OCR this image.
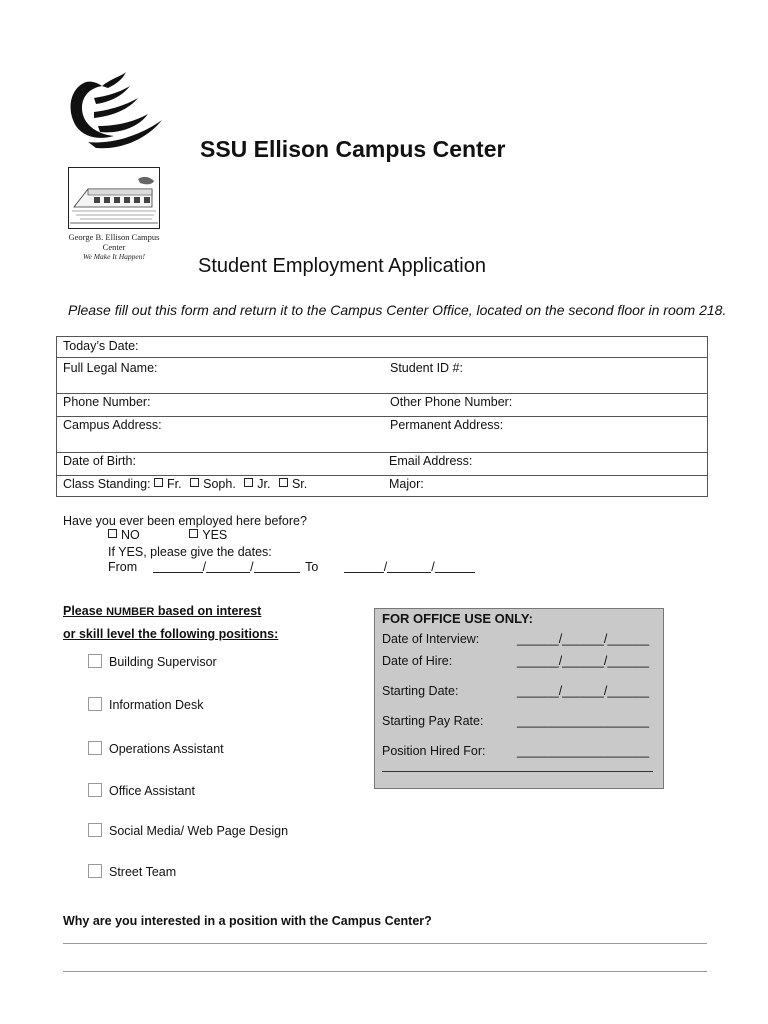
George B. Ellison Campus Center
We Make It Happen!
SSU Ellison Campus Center
Student Employment Application
Please fill out this form and return it to the Campus Center Office, located on the second floor in room 218.
Today’s Date:
Full Legal Name:	Student ID #:
Phone Number:	Other Phone Number:
Campus Address:	Permanent Address:
Date of Birth:	Email Address:
Class Standing: Fr. Soph. Jr. Sr.	Major:
Have you ever been employed here before?
NO	YES
If YES, please give the dates:
From	/	/	To	/	/
Please NUMBER based on interest
or skill level the following positions:
Building Supervisor
Information Desk
Operations Assistant
Office Assistant
Social Media/ Web Page Design
Street Team
FOR OFFICE USE ONLY:
Date of Interview:	______/______/______
Date of Hire:	______/______/______
Starting Date:	______/______/______
Starting Pay Rate:	___________________
Position Hired For:	___________________
Why are you interested in a position with the Campus Center?
